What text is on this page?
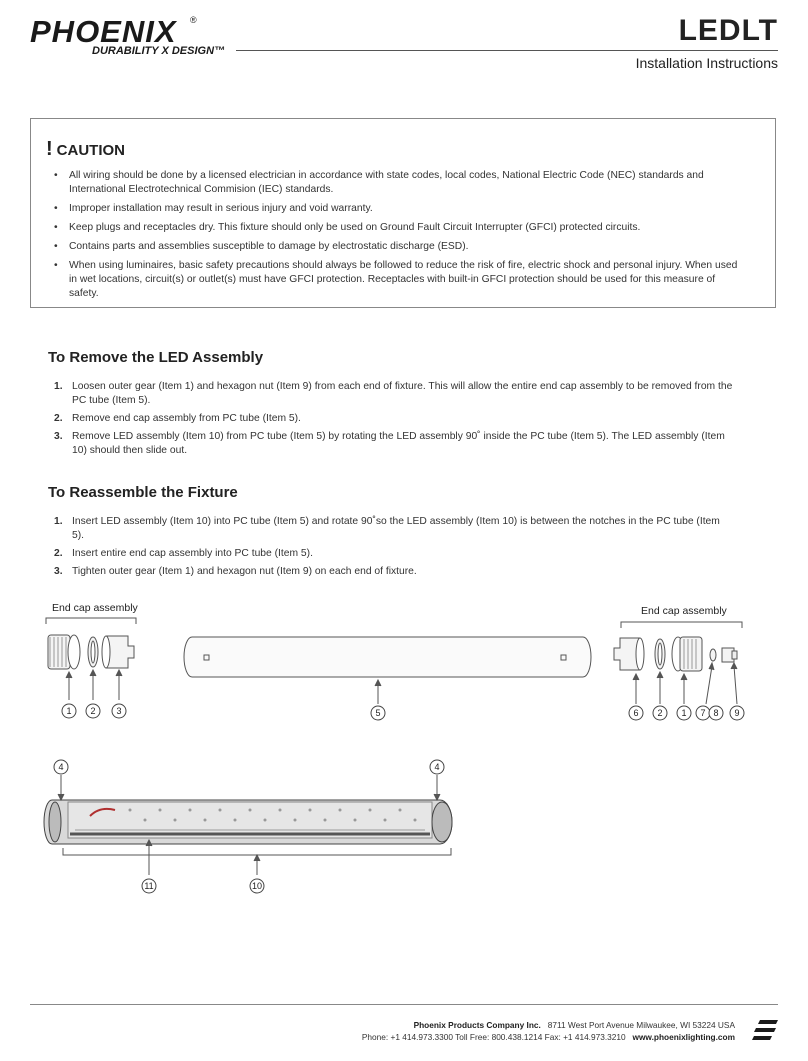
PHOENIX ®
DURABILITY X DESIGN™
LEDLT
Installation Instructions
! CAUTION
• All wiring should be done by a licensed electrician in accordance with state codes, local codes, National Electric Code (NEC) standards and International Electrotechnical Commision (IEC) standards.
• Improper installation may result in serious injury and void warranty.
• Keep plugs and receptacles dry. This fixture should only be used on Ground Fault Circuit Interrupter (GFCI) protected circuits.
• Contains parts and assemblies susceptible to damage by electrostatic discharge (ESD).
• When using luminaires, basic safety precautions should always be followed to reduce the risk of fire, electric shock and personal injury. When used in wet locations, circuit(s) or outlet(s) must have GFCI protection. Receptacles with built-in GFCI protection should be used for this measure of safety.
To Remove the LED Assembly
1. Loosen outer gear (Item 1) and hexagon nut (Item 9) from each end of fixture. This will allow the entire end cap assembly to be removed from the PC tube (Item 5).
2. Remove end cap assembly from PC tube (Item 5).
3. Remove LED assembly (Item 10) from PC tube (Item 5) by rotating the LED assembly 90˚ inside the PC tube (Item 5). The LED assembly (Item 10) should then slide out.
To Reassemble the Fixture
1. Insert LED assembly (Item 10) into PC tube (Item 5) and rotate 90˚so the LED assembly (Item 10) is between the notches in the PC tube (Item 5).
2. Insert entire end cap assembly into PC tube (Item 5).
3. Tighten outer gear (Item 1) and hexagon nut (Item 9) on each end of fixture.
1 2 3	5	6 2 1 7 8 9
4	4
11	10
End cap assembly	End cap assembly
Phoenix Products Company Inc. 8711 West Port Avenue Milwaukee, WI 53224 USA
Phone: +1 414.973.3300 Toll Free: 800.438.1214 Fax: +1 414.973.3210 www.phoenixlighting.com
